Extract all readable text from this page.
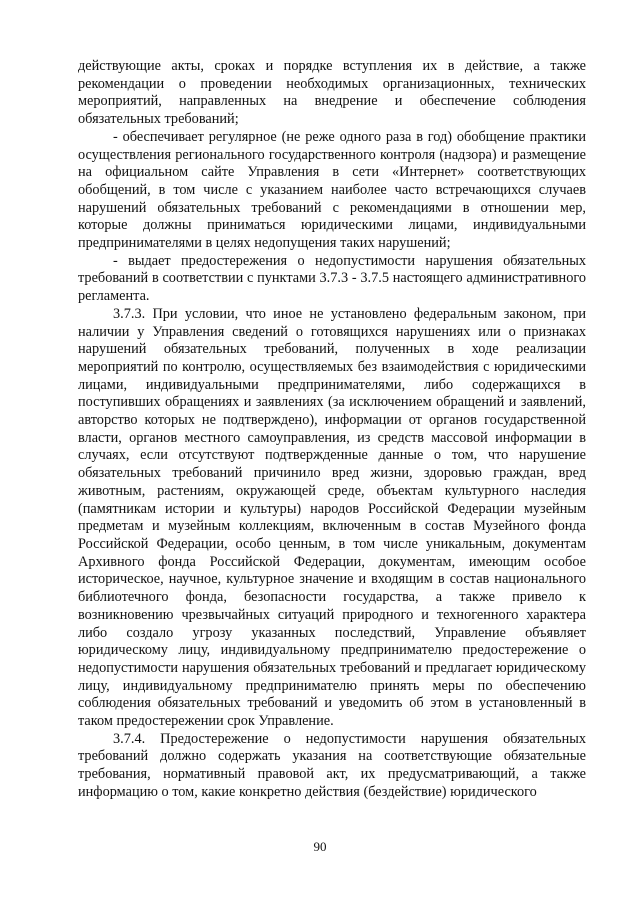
действующие акты, сроках и порядке вступления их в действие, а также рекомендации о проведении необходимых организационных, технических мероприятий, направленных на внедрение и обеспечение соблюдения обязательных требований;

- обеспечивает регулярное (не реже одного раза в год) обобщение практики осуществления регионального государственного контроля (надзора) и размещение на официальном сайте Управления в сети «Интернет» соответствующих обобщений, в том числе с указанием наиболее часто встречающихся случаев нарушений обязательных требований с рекомендациями в отношении мер, которые должны приниматься юридическими лицами, индивидуальными предпринимателями в целях недопущения таких нарушений;

- выдает предостережения о недопустимости нарушения обязательных требований в соответствии с пунктами 3.7.3 - 3.7.5 настоящего административного регламента.

3.7.3. При условии, что иное не установлено федеральным законом, при наличии у Управления сведений о готовящихся нарушениях или о признаках нарушений обязательных требований, полученных в ходе реализации мероприятий по контролю, осуществляемых без взаимодействия с юридическими лицами, индивидуальными предпринимателями, либо содержащихся в поступивших обращениях и заявлениях (за исключением обращений и заявлений, авторство которых не подтверждено), информации от органов государственной власти, органов местного самоуправления, из средств массовой информации в случаях, если отсутствуют подтвержденные данные о том, что нарушение обязательных требований причинило вред жизни, здоровью граждан, вред животным, растениям, окружающей среде, объектам культурного наследия (памятникам истории и культуры) народов Российской Федерации музейным предметам и музейным коллекциям, включенным в состав Музейного фонда Российской Федерации, особо ценным, в том числе уникальным, документам Архивного фонда Российской Федерации, документам, имеющим особое историческое, научное, культурное значение и входящим в состав национального библиотечного фонда, безопасности государства, а также привело к возникновению чрезвычайных ситуаций природного и техногенного характера либо создало угрозу указанных последствий, Управление объявляет юридическому лицу, индивидуальному предпринимателю предостережение о недопустимости нарушения обязательных требований и предлагает юридическому лицу, индивидуальному предпринимателю принять меры по обеспечению соблюдения обязательных требований и уведомить об этом в установленный в таком предостережении срок Управление.

3.7.4. Предостережение о недопустимости нарушения обязательных требований должно содержать указания на соответствующие обязательные требования, нормативный правовой акт, их предусматривающий, а также информацию о том, какие конкретно действия (бездействие) юридического

90
